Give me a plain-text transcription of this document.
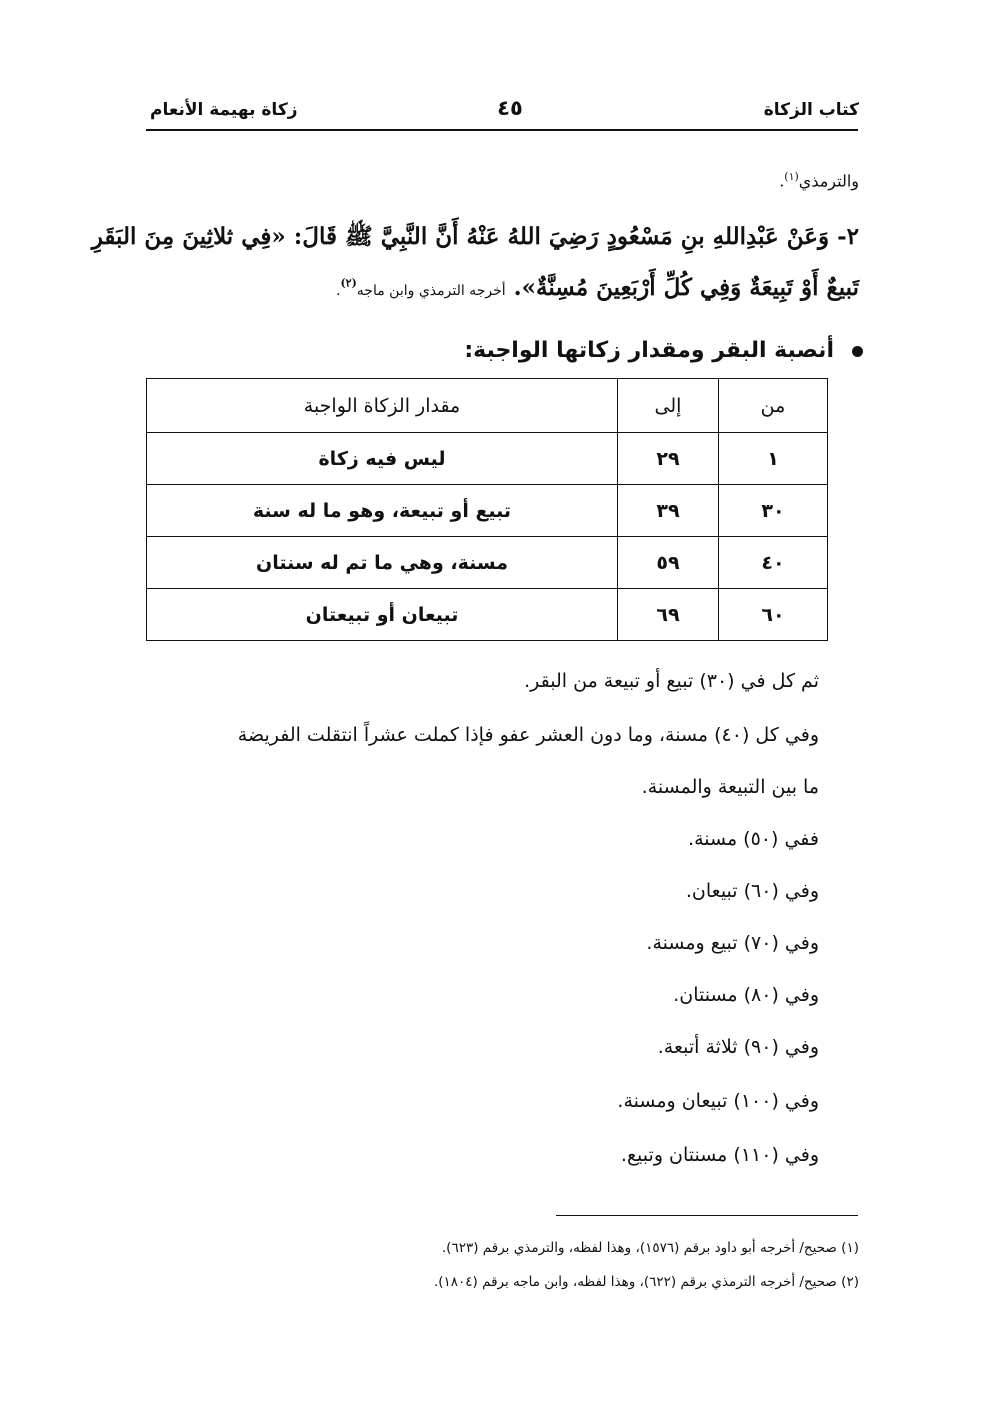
كتاب الزكاة
٤٥
زكاة بهيمة الأنعام
والترمذي$^{(١)}$.
٢- وَعَنْ عَبْدِاللهِ بنِ مَسْعُودٍ رَضِيَ اللهُ عَنْهُ أَنَّ النَّبِيَّ ﷺ قَالَ: «فِي ثلاثِينَ مِنَ البَقَرِ
تَبيعٌ أَوْ تَبِيعَةٌ وَفِي كُلِّ أَرْبَعِينَ مُسِنَّةٌ». أخرجه الترمذي وابن ماجه$^{(٢)}$.
أنصبة البقر ومقدار زكاتها الواجبة:
من	إلى	مقدار الزكاة الواجبة
١	٢٩	ليس فيه زكاة
٣٠	٣٩	تبيع أو تبيعة، وهو ما له سنة
٤٠	٥٩	مسنة، وهي ما تم له سنتان
٦٠	٦٩	تبيعان أو تبيعتان
ثم كل في (٣٠) تبيع أو تبيعة من البقر.
وفي كل (٤٠) مسنة، وما دون العشر عفو فإذا كملت عشراً انتقلت الفريضة
ما بين التبيعة والمسنة.
ففي (٥٠) مسنة.
وفي (٦٠) تبيعان.
وفي (٧٠) تبيع ومسنة.
وفي (٨٠) مسنتان.
وفي (٩٠) ثلاثة أتبعة.
وفي (١٠٠) تبيعان ومسنة.
وفي (١١٠) مسنتان وتبيع.
(١) صحيح/ أخرجه أبو داود برقم (١٥٧٦)، وهذا لفظه، والترمذي برقم (٦٢٣).
(٢) صحيح/ أخرجه الترمذي برقم (٦٢٢)، وهذا لفظه، وابن ماجه برقم (١٨٠٤).
